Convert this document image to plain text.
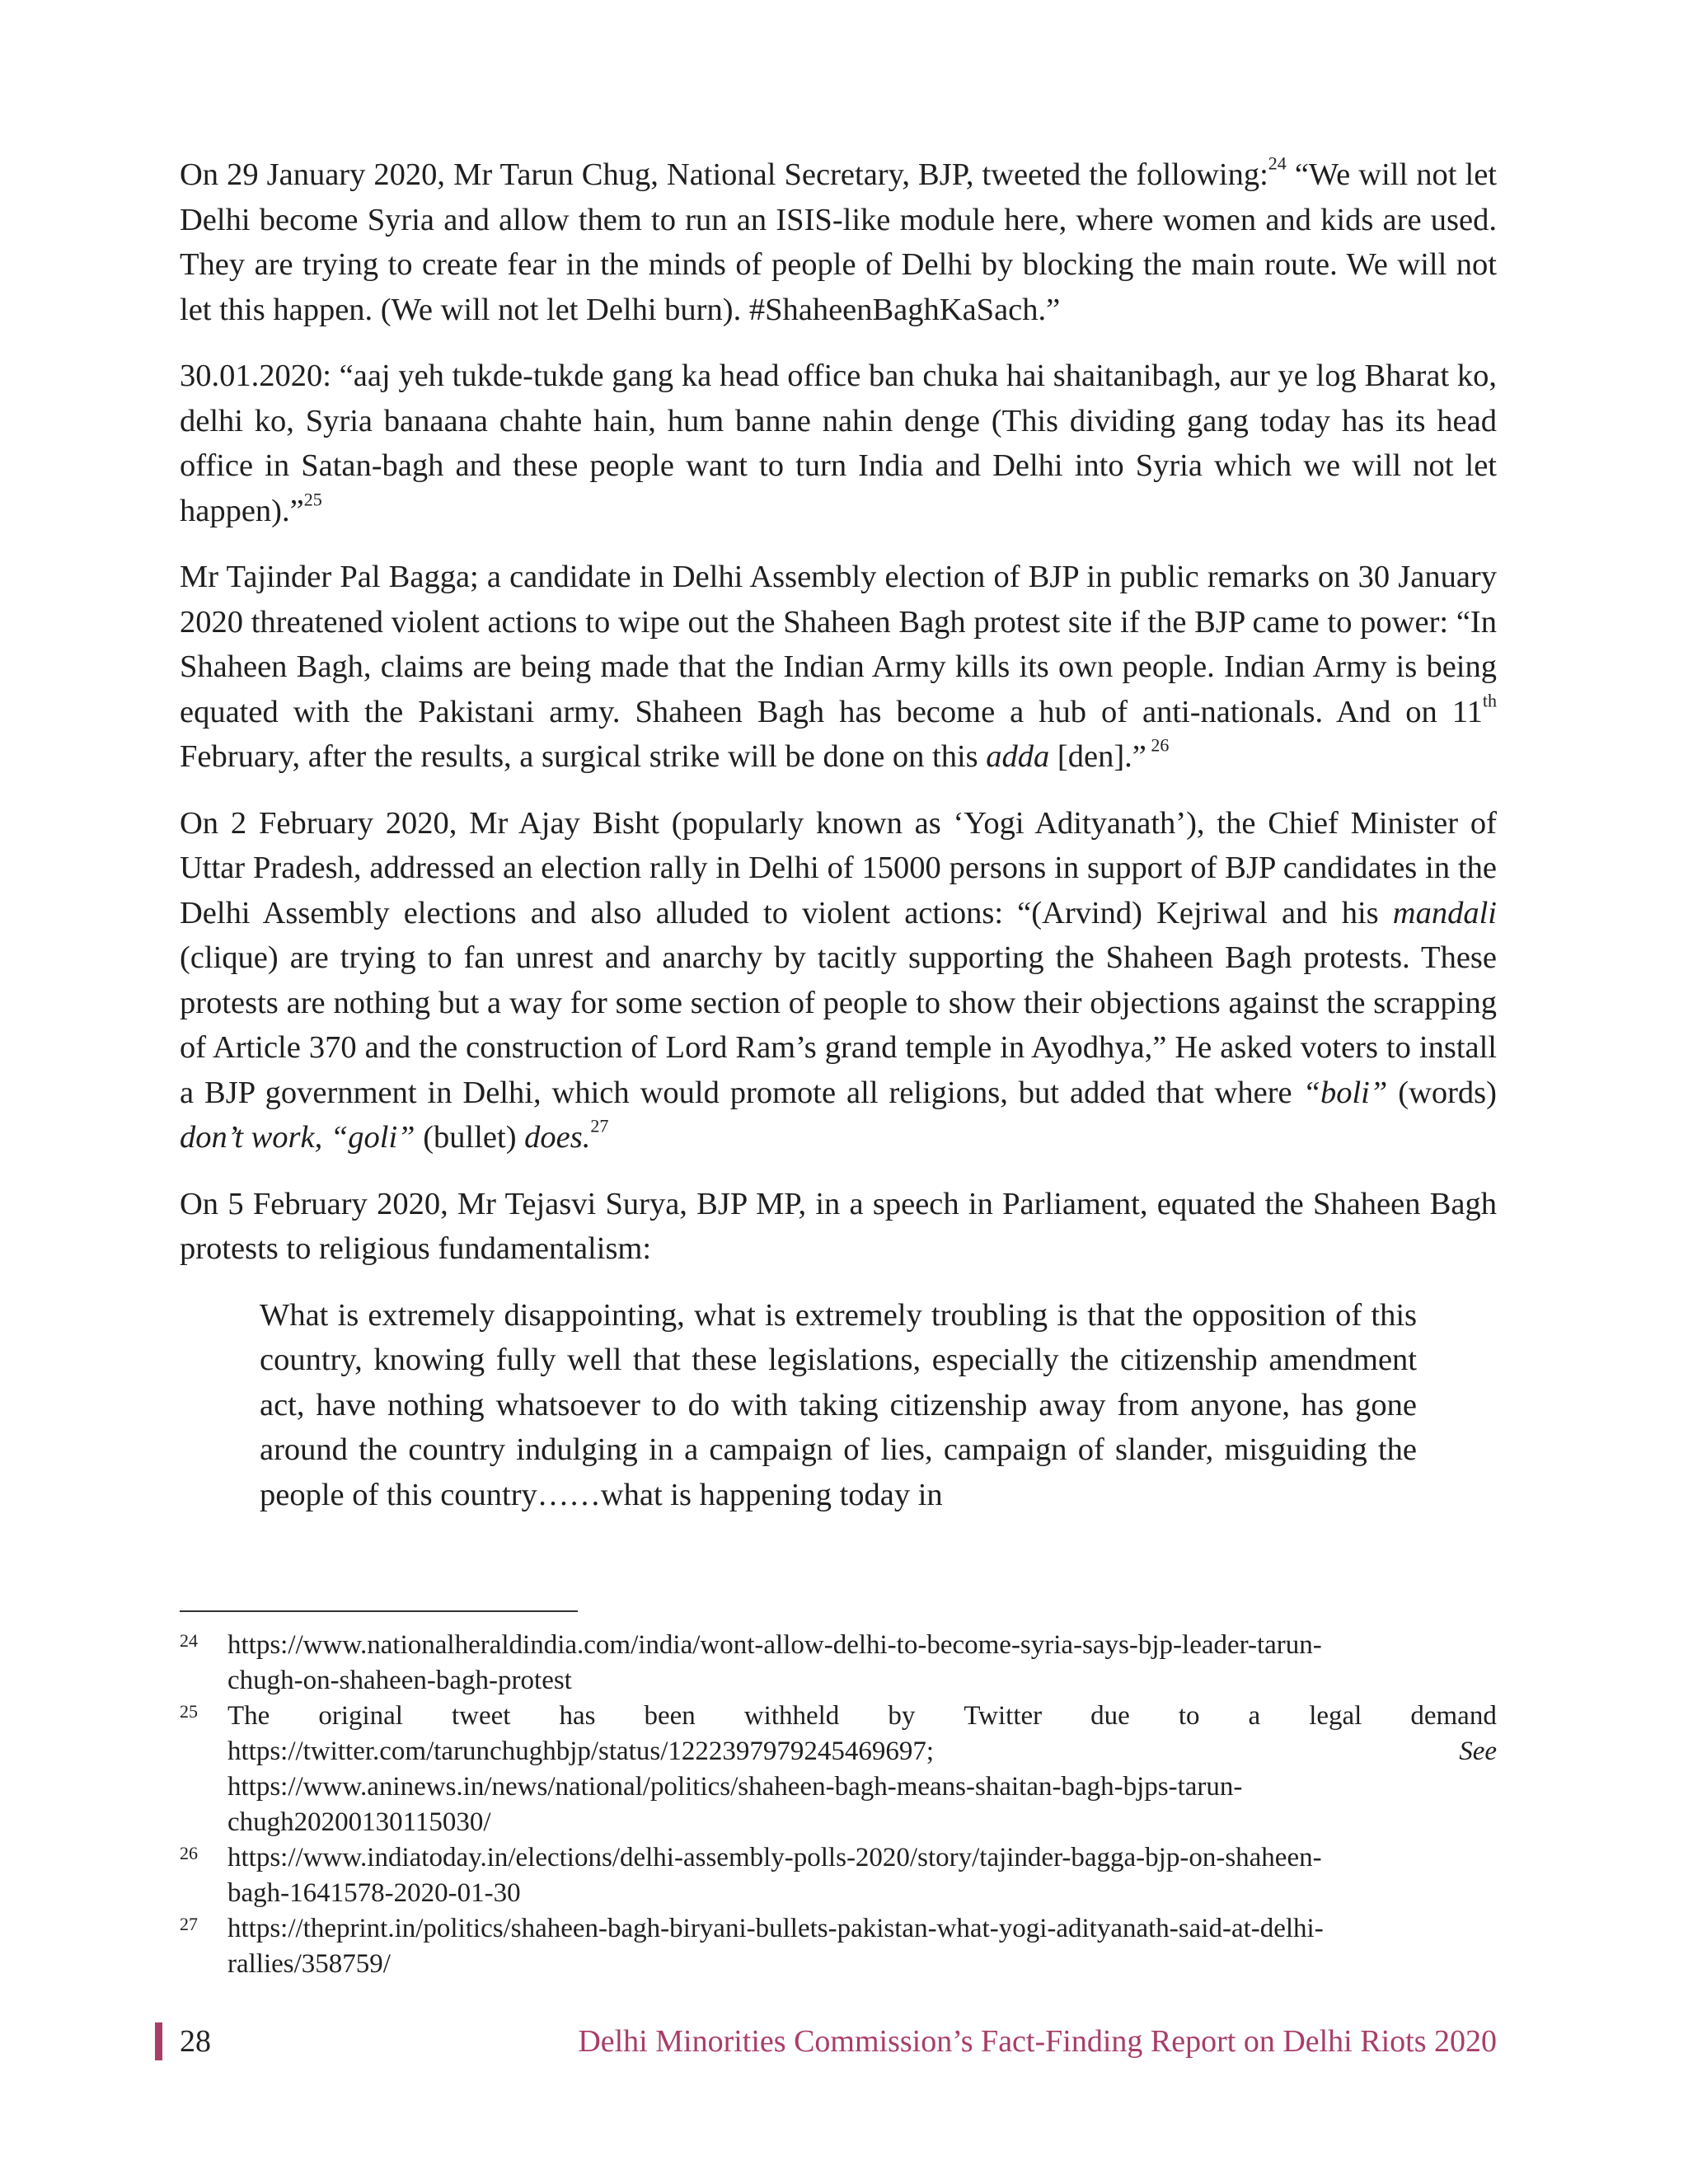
On 29 January 2020, Mr Tarun Chug, National Secretary, BJP, tweeted the following:$^{24}$ “We will not let Delhi become Syria and allow them to run an ISIS-like module here, where women and kids are used. They are trying to create fear in the minds of people of Delhi by blocking the main route. We will not let this happen. (We will not let Delhi burn). #ShaheenBaghKaSach.”

30.01.2020: “aaj yeh tukde-tukde gang ka head office ban chuka hai shaitanibagh, aur ye log Bharat ko, delhi ko, Syria banaana chahte hain, hum banne nahin denge (This dividing gang today has its head office in Satan-bagh and these people want to turn India and Delhi into Syria which we will not let happen).”$^{25}$

Mr Tajinder Pal Bagga; a candidate in Delhi Assembly election of BJP in public remarks on 30 January 2020 threatened violent actions to wipe out the Shaheen Bagh protest site if the BJP came to power: “In Shaheen Bagh, claims are being made that the Indian Army kills its own people. Indian Army is being equated with the Pakistani army. Shaheen Bagh has become a hub of anti-nationals. And on 11th February, after the results, a surgical strike will be done on this adda [den].” $^{26}$

On 2 February 2020, Mr Ajay Bisht (popularly known as ‘Yogi Adityanath’), the Chief Minister of Uttar Pradesh, addressed an election rally in Delhi of 15000 persons in support of BJP candidates in the Delhi Assembly elections and also alluded to violent actions: “(Arvind) Kejriwal and his mandali (clique) are trying to fan unrest and anarchy by tacitly supporting the Shaheen Bagh protests. These protests are nothing but a way for some section of people to show their objections against the scrapping of Article 370 and the construction of Lord Ram’s grand temple in Ayodhya,” He asked voters to install a BJP government in Delhi, which would promote all religions, but added that where “boli” (words) don’t work, “goli” (bullet) does.$^{27}$

On 5 February 2020, Mr Tejasvi Surya, BJP MP, in a speech in Parliament, equated the Shaheen Bagh protests to religious fundamentalism:

What is extremely disappointing, what is extremely troubling is that the opposition of this country, knowing fully well that these legislations, especially the citizenship amendment act, have nothing whatsoever to do with taking citizenship away from anyone, has gone around the country indulging in a campaign of lies, campaign of slander, misguiding the people of this country……what is happening today in

24 https://www.nationalheraldindia.com/india/wont-allow-delhi-to-become-syria-says-bjp-leader-tarun-
chugh-on-shaheen-bagh-protest
25 The original tweet has been withheld by Twitter due to a legal demand
https://twitter.com/tarunchughbjp/status/1222397979245469697;	See
https://www.aninews.in/news/national/politics/shaheen-bagh-means-shaitan-bagh-bjps-tarun-
chugh20200130115030/
26 https://www.indiatoday.in/elections/delhi-assembly-polls-2020/story/tajinder-bagga-bjp-on-shaheen-
bagh-1641578-2020-01-30
27 https://theprint.in/politics/shaheen-bagh-biryani-bullets-pakistan-what-yogi-adityanath-said-at-delhi-
rallies/358759/
28	Delhi Minorities Commission’s Fact-Finding Report on Delhi Riots 2020
